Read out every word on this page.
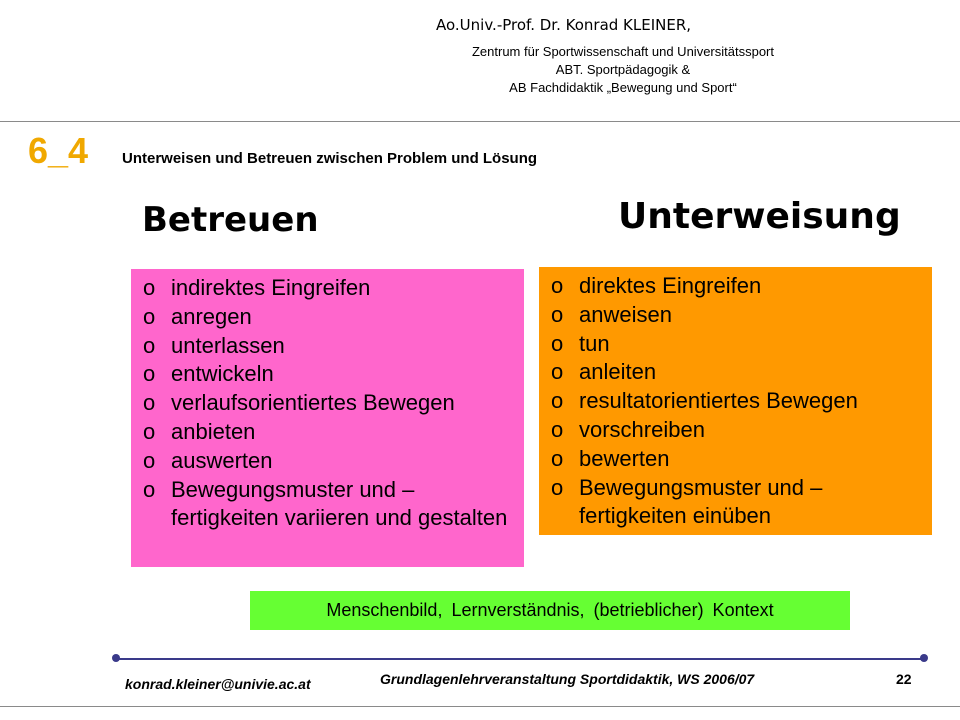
Ao.Univ.-Prof. Dr. Konrad KLEINER,
Zentrum für Sportwissenschaft und Universitätssport
ABT. Sportpädagogik &
AB Fachdidaktik „Bewegung und Sport“
6_4 Unterweisen und Betreuen zwischen Problem und Lösung
Betreuen	Unterweisung
o indirektes Eingreifen
o anregen
o unterlassen
o entwickeln
o verlaufsorientiertes Bewegen
o anbieten
o auswerten
o Bewegungsmuster und – fertigkeiten variieren und gestalten
o direktes Eingreifen
o anweisen
o tun
o anleiten
o resultatorientiertes Bewegen
o vorschreiben
o bewerten
o Bewegungsmuster und – fertigkeiten einüben
Menschenbild, Lernverständnis, (betrieblicher) Kontext
konrad.kleiner@univie.ac.at	Grundlagenlehrveranstaltung Sportdidaktik, WS 2006/07	22
